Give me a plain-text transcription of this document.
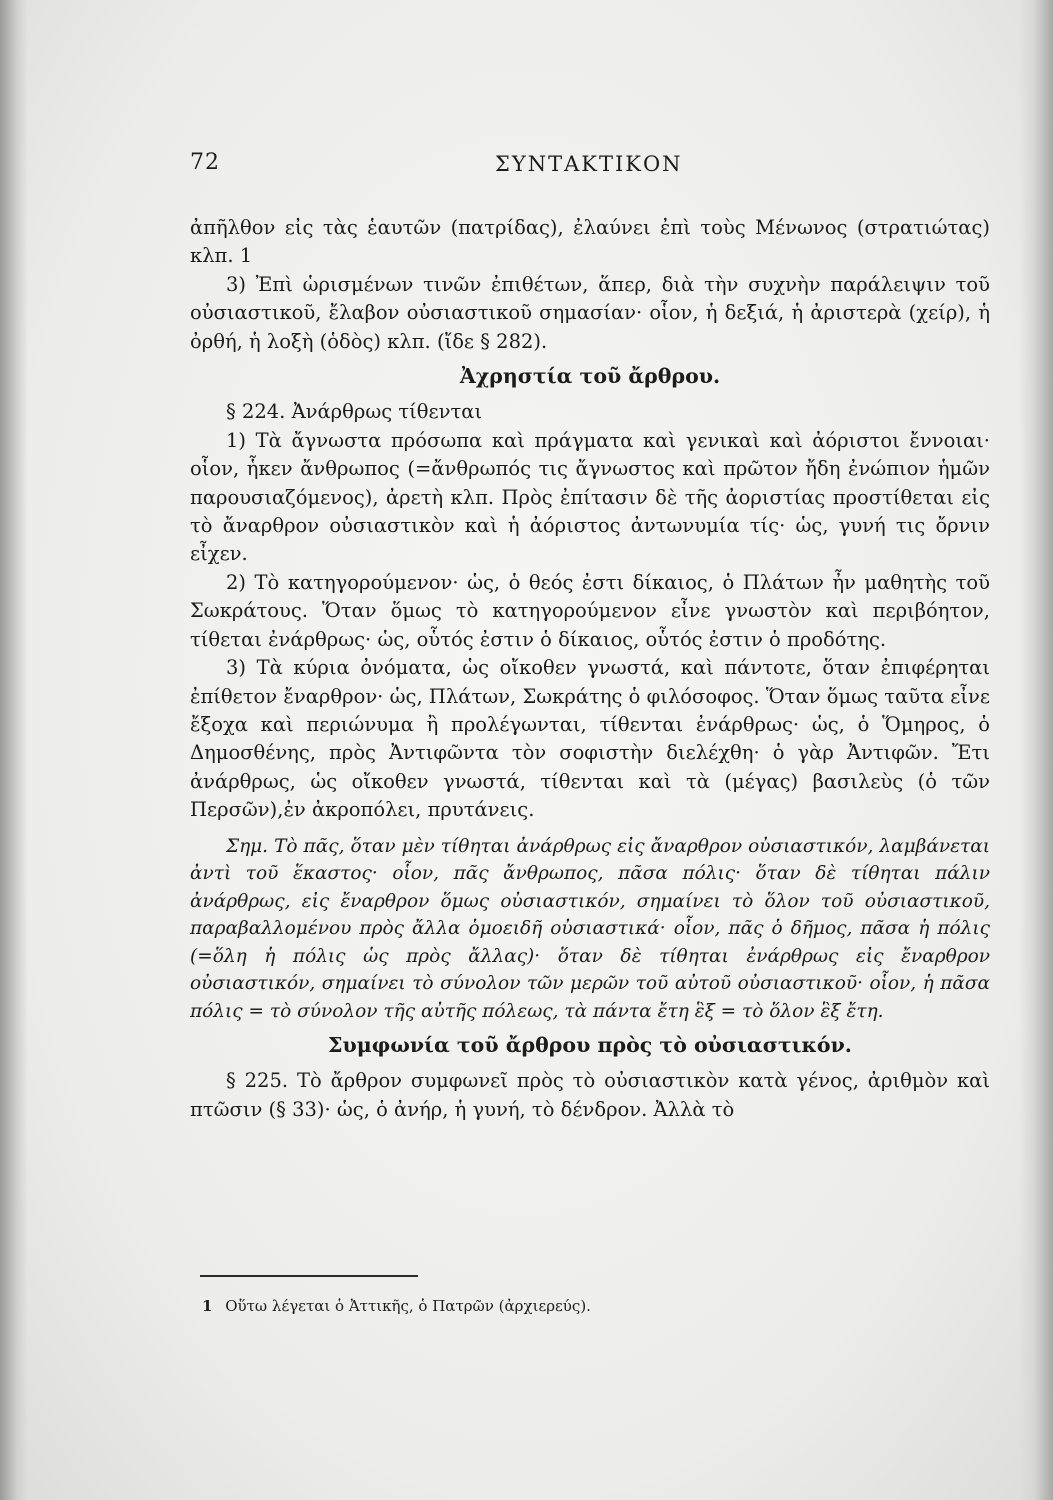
72	ΣΥΝΤΑΚΤΙΚΟΝ

ἀπῆλθον εἰς τὰς ἑαυτῶν (πατρίδας), ἐλαύνει ἐπὶ τοὺς Μένωνος (στρατιώτας) κλπ. 1

3) Ἐπὶ ὡρισμένων τινῶν ἐπιθέτων, ἅπερ, διὰ τὴν συχνὴν παράλειψιν τοῦ οὐσιαστικοῦ, ἔλαβον οὐσιαστικοῦ σημασίαν· οἷον, ἡ δεξιά, ἡ ἀριστερὰ (χείρ), ἡ ὀρθή, ἡ λοξὴ (ὁδὸς) κλπ. (ἴδε § 282).

Ἀχρηστία τοῦ ἄρθρου.

§ 224. Ἀνάρθρως τίθενται

1) Τὰ ἄγνωστα πρόσωπα καὶ πράγματα καὶ γενικαὶ καὶ ἀόριστοι ἔννοιαι· οἷον, ἧκεν ἄνθρωπος (=ἄνθρωπός τις ἄγνωστος καὶ πρῶτον ἤδη ἐνώπιον ἡμῶν παρουσιαζόμενος), ἀρετὴ κλπ. Πρὸς ἐπίτασιν δὲ τῆς ἀοριστίας προστίθεται εἰς τὸ ἄναρθρον οὐσιαστικὸν καὶ ἡ ἀόριστος ἀντωνυμία τίς· ὡς, γυνή τις ὄρνιν εἶχεν.

2) Τὸ κατηγορούμενον· ὡς, ὁ θεός ἐστι δίκαιος, ὁ Πλάτων ἦν μαθητὴς τοῦ Σωκράτους. Ὅταν ὅμως τὸ κατηγορούμενον εἶνε γνωστὸν καὶ περιβόητον, τίθεται ἐνάρθρως· ὡς, οὗτός ἐστιν ὁ δίκαιος, οὗτός ἐστιν ὁ προδότης.

3) Τὰ κύρια ὀνόματα, ὡς οἴκοθεν γνωστά, καὶ πάντοτε, ὅταν ἐπιφέρηται ἐπίθετον ἔναρθρον· ὡς, Πλάτων, Σωκράτης ὁ φιλόσοφος. Ὅταν ὅμως ταῦτα εἶνε ἔξοχα καὶ περιώνυμα ἢ προλέγωνται, τίθενται ἐνάρθρως· ὡς, ὁ Ὅμηρος, ὁ Δημοσθένης, πρὸς Ἀντιφῶντα τὸν σοφιστὴν διελέχθη· ὁ γὰρ Ἀντιφῶν. Ἔτι ἀνάρθρως, ὡς οἴκοθεν γνωστά, τίθενται καὶ τὰ (μέγας) βασιλεὺς (ὁ τῶν Περσῶν),ἐν ἀκροπόλει, πρυτάνεις.

Σημ. Τὸ πᾶς, ὅταν μὲν τίθηται ἀνάρθρως εἰς ἄναρθρον οὐσιαστικόν, λαμβάνεται ἀντὶ τοῦ ἕκαστος· οἷον, πᾶς ἄνθρωπος, πᾶσα πόλις· ὅταν δὲ τίθηται πάλιν ἀνάρθρως, εἰς ἔναρθρον ὅμως οὐσιαστικόν, σημαίνει τὸ ὅλον τοῦ οὐσιαστικοῦ, παραβαλλομένου πρὸς ἄλλα ὁμοειδῆ οὐσιαστικά· οἷον, πᾶς ὁ δῆμος, πᾶσα ἡ πόλις (=ὅλη ἡ πόλις ὡς πρὸς ἄλλας)· ὅταν δὲ τίθηται ἐνάρθρως εἰς ἔναρθρον οὐσιαστικόν, σημαίνει τὸ σύνολον τῶν μερῶν τοῦ αὐτοῦ οὐσιαστικοῦ· οἷον, ἡ πᾶσα πόλις = τὸ σύνολον τῆς αὐτῆς πόλεως, τὰ πάντα ἔτη ἓξ = τὸ ὅλον ἓξ ἔτη.

Συμφωνία τοῦ ἄρθρου πρὸς τὸ οὐσιαστικόν.

§ 225. Τὸ ἄρθρον συμφωνεῖ πρὸς τὸ οὐσιαστικὸν κατὰ γένος, ἀριθμὸν καὶ πτῶσιν (§ 33)· ὡς, ὁ ἀνήρ, ἡ γυνή, τὸ δένδρον. Ἀλλὰ τὸ

1 Οὕτω λέγεται ὁ Ἀττικῆς, ὁ Πατρῶν (ἀρχιερεύς).
